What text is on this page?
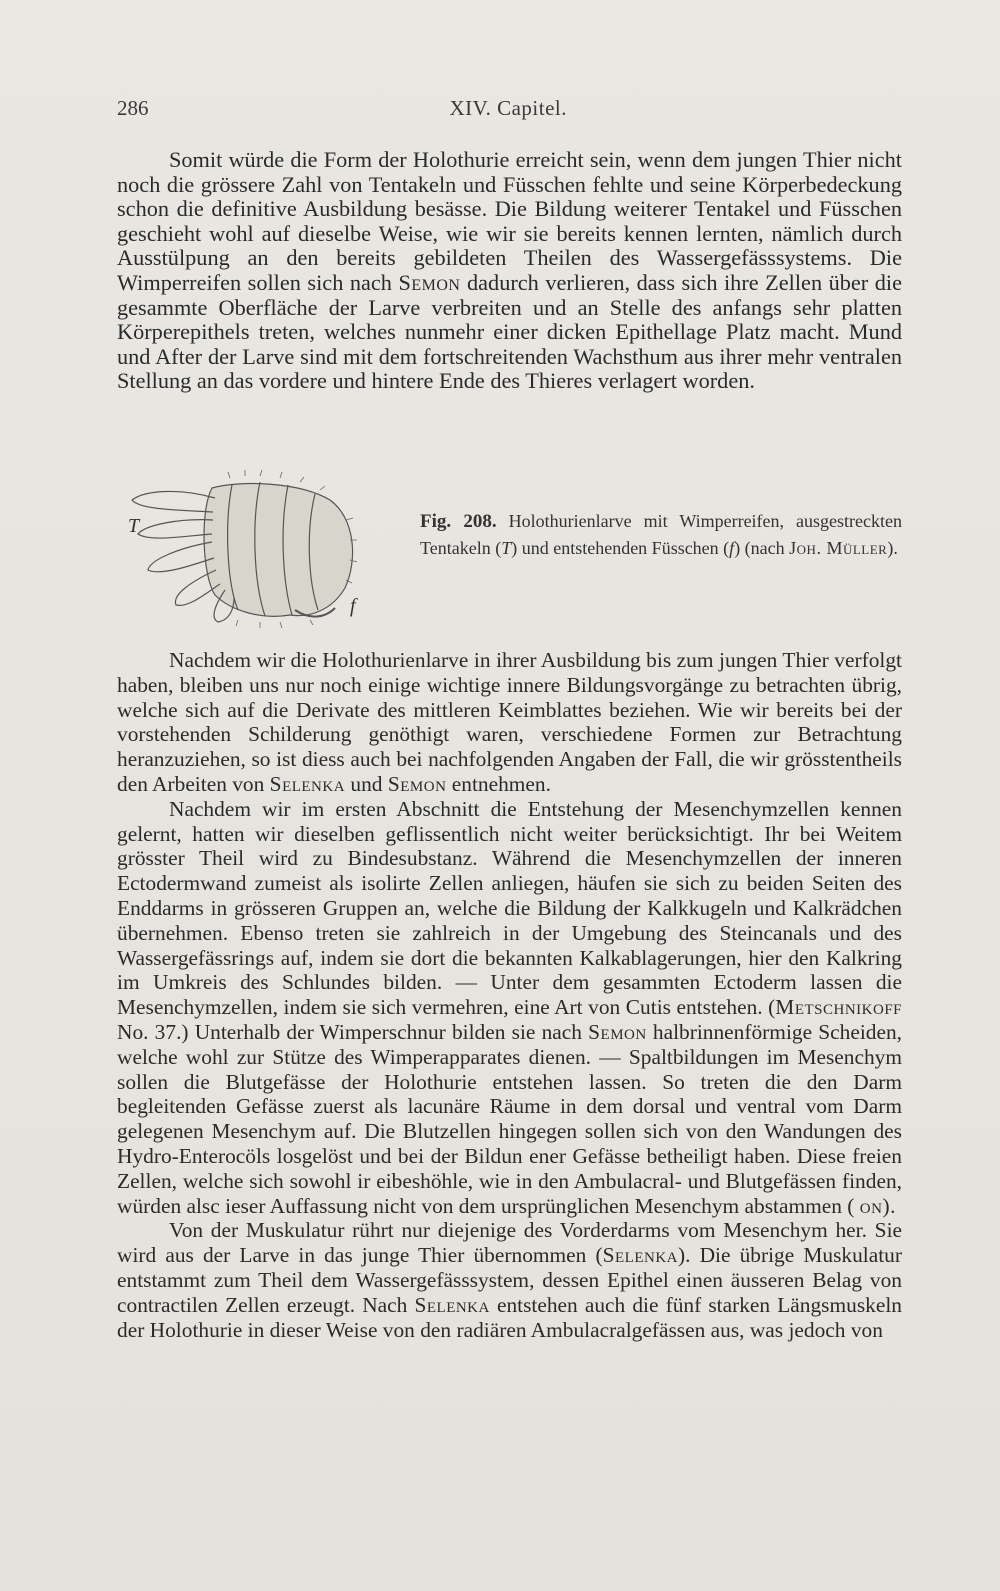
286	XIV. Capitel.

Somit würde die Form der Holothurie erreicht sein, wenn dem jungen Thier nicht noch die grössere Zahl von Tentakeln und Füsschen fehlte und seine Körperbedeckung schon die definitive Ausbildung besässe. Die Bildung weiterer Tentakel und Füsschen geschieht wohl auf dieselbe Weise, wie wir sie bereits kennen lernten, nämlich durch Ausstülpung an den bereits gebildeten Theilen des Wassergefässsystems. Die Wimperreifen sollen sich nach Semon dadurch verlieren, dass sich ihre Zellen über die gesammte Oberfläche der Larve verbreiten und an Stelle des anfangs sehr platten Körperepithels treten, welches nunmehr einer dicken Epithellage Platz macht. Mund und After der Larve sind mit dem fortschreitenden Wachsthum aus ihrer mehr ventralen Stellung an das vordere und hintere Ende des Thieres verlagert worden.

T
f
Fig. 208. Holothurienlarve mit Wimperreifen, ausgestreckten Tentakeln (T) und entstehenden Füsschen (f) (nach Joh. Müller).

Nachdem wir die Holothurienlarve in ihrer Ausbildung bis zum jungen Thier verfolgt haben, bleiben uns nur noch einige wichtige innere Bildungsvorgänge zu betrachten übrig, welche sich auf die Derivate des mittleren Keimblattes beziehen. Wie wir bereits bei der vorstehenden Schilderung genöthigt waren, verschiedene Formen zur Betrachtung heranzuziehen, so ist diess auch bei nachfolgenden Angaben der Fall, die wir grösstentheils den Arbeiten von Selenka und Semon entnehmen.

Nachdem wir im ersten Abschnitt die Entstehung der Mesenchymzellen kennen gelernt, hatten wir dieselben geflissentlich nicht weiter berücksichtigt. Ihr bei Weitem grösster Theil wird zu Bindesubstanz. Während die Mesenchymzellen der inneren Ectodermwand zumeist als isolirte Zellen anliegen, häufen sie sich zu beiden Seiten des Enddarms in grösseren Gruppen an, welche die Bildung der Kalkkugeln und Kalkrädchen übernehmen. Ebenso treten sie zahlreich in der Umgebung des Steincanals und des Wassergefässrings auf, indem sie dort die bekannten Kalkablagerungen, hier den Kalkring im Umkreis des Schlundes bilden. — Unter dem gesammten Ectoderm lassen die Mesenchymzellen, indem sie sich vermehren, eine Art von Cutis entstehen. (Metschnikoff No. 37.) Unterhalb der Wimperschnur bilden sie nach Semon halbrinnenförmige Scheiden, welche wohl zur Stütze des Wimperapparates dienen. — Spaltbildungen im Mesenchym sollen die Blutgefässe der Holothurie entstehen lassen. So treten die den Darm begleitenden Gefässe zuerst als lacunäre Räume in dem dorsal und ventral vom Darm gelegenen Mesenchym auf. Die Blutzellen hingegen sollen sich von den Wandungen des Hydro-Enterocöls losgelöst und bei der Bildun ener Gefässe betheiligt haben. Diese freien Zellen, welche sich sowohl ir eibeshöhle, wie in den Ambulacral- und Blutgefässen finden, würden alsc ieser Auffassung nicht von dem ursprünglichen Mesenchym abstammen ( on).

Von der Muskulatur rührt nur diejenige des Vorderdarms vom Mesenchym her. Sie wird aus der Larve in das junge Thier übernommen (Selenka). Die übrige Muskulatur entstammt zum Theil dem Wassergefässsystem, dessen Epithel einen äusseren Belag von contractilen Zellen erzeugt. Nach Selenka entstehen auch die fünf starken Längsmuskeln der Holothurie in dieser Weise von den radiären Ambulacralgefässen aus, was jedoch von
